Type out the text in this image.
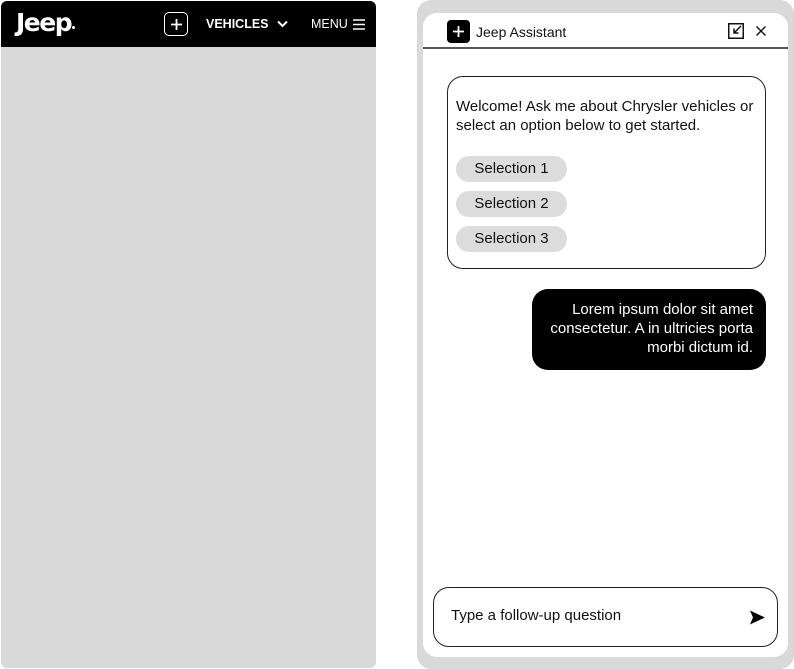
Jeep	VEHICLES	MENU	Jeep Assistant
Welcome! Ask me about Chrysler vehicles or select an option below to get started.
Selection 1
Selection 2
Selection 3
Lorem ipsum dolor sit amet consectetur. A in ultricies porta morbi dictum id.
Type a follow-up question
